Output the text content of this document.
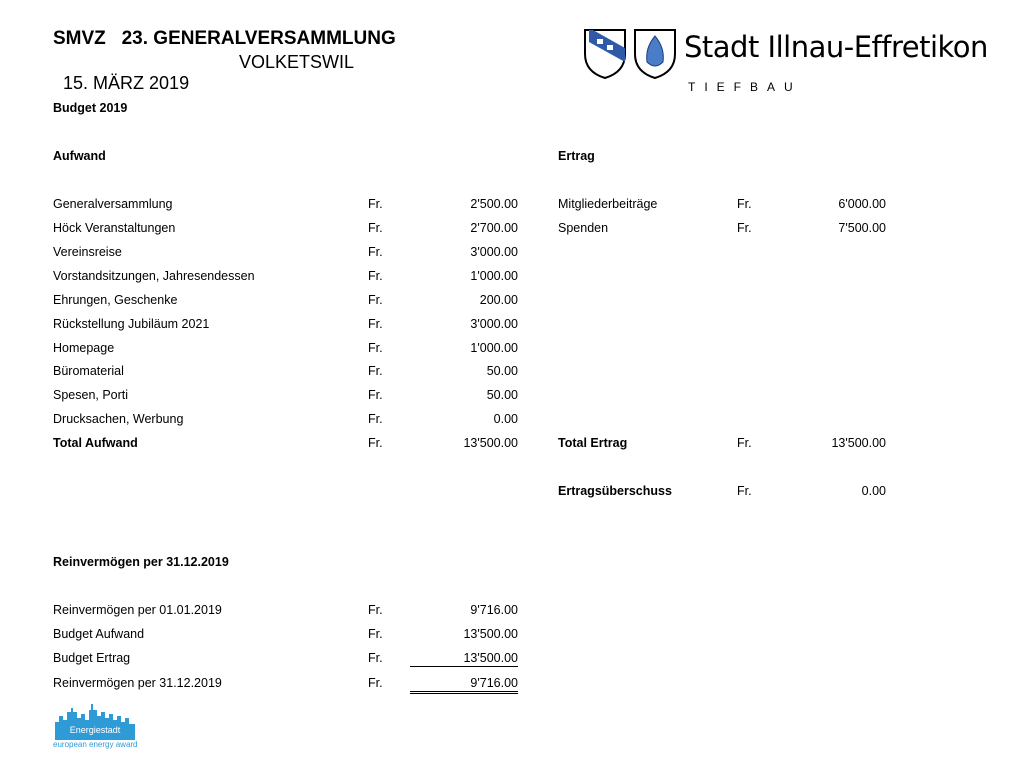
SMVZ   23. GENERALVERSAMMLUNG

15. MÄRZ 2019

VOLKETSWIL	Stadt Illnau-Effretikon
TIEFBAU
Budget 2019
Aufwand	Ertrag
Generalversammlung	Fr.	2'500.00
Höck Veranstaltungen	Fr.	2'700.00
Vereinsreise	Fr.	3'000.00
Vorstandsitzungen, Jahresendessen	Fr.	1'000.00
Ehrungen, Geschenke	Fr.	200.00
Rückstellung Jubiläum 2021	Fr.	3'000.00
Homepage	Fr.	1'000.00
Büromaterial	Fr.	50.00
Spesen, Porti	Fr.	50.00
Drucksachen, Werbung	Fr.	0.00
Total Aufwand	Fr.	13'500.00
Mitgliederbeiträge	Fr.	6'000.00
Spenden	Fr.	7'500.00
Total Ertrag	Fr.	13'500.00
Ertragsüberschuss	Fr.	0.00
Reinvermögen per 31.12.2019
Reinvermögen per 01.01.2019	Fr.	9'716.00
Budget Aufwand	Fr.	13'500.00
Budget Ertrag	Fr.	13'500.00
Reinvermögen per 31.12.2019	Fr.	9'716.00
Energiestadt
european energy award
